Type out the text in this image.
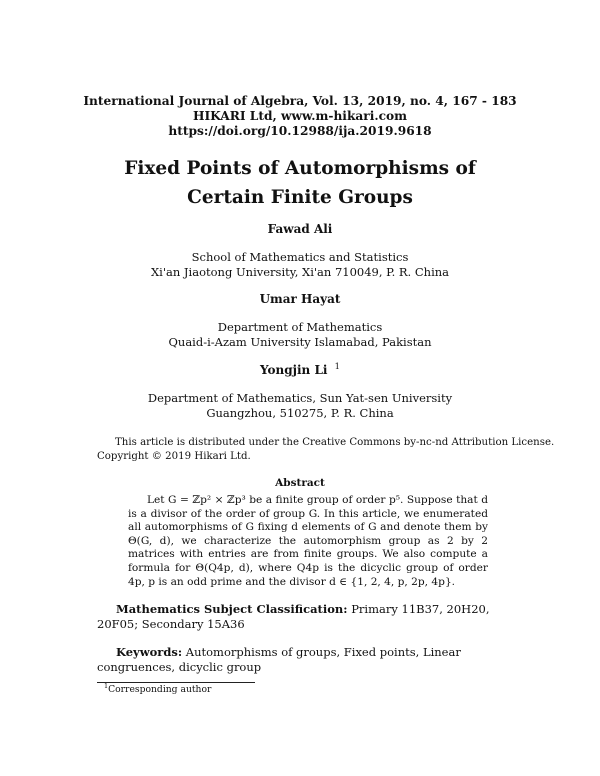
International Journal of Algebra, Vol. 13, 2019, no. 4, 167 - 183
HIKARI Ltd, www.m-hikari.com
https://doi.org/10.12988/ija.2019.9618
Fixed Points of Automorphisms of
Certain Finite Groups
Fawad Ali
School of Mathematics and Statistics
Xi'an Jiaotong University, Xi'an 710049, P. R. China
Umar Hayat
Department of Mathematics
Quaid-i-Azam University Islamabad, Pakistan
Yongjin Li $^1$
Department of Mathematics, Sun Yat-sen University
Guangzhou, 510275, P. R. China
This article is distributed under the Creative Commons by-nc-nd Attribution License.
Copyright © 2019 Hikari Ltd.
Abstract
Let G = ℤp² × ℤp³ be a finite group of order p⁵. Suppose that d is a divisor of the order of group G. In this article, we enumerated all automorphisms of G fixing d elements of G and denote them by Θ(G, d), we characterize the automorphism group as 2 by 2 matrices with entries are from finite groups. We also compute a formula for Θ(Q4p, d), where Q4p is the dicyclic group of order 4p, p is an odd prime and the divisor d ∈ {1, 2, 4, p, 2p, 4p}.
Mathematics Subject Classification: Primary 11B37, 20H20, 20F05; Secondary 15A36
Keywords: Automorphisms of groups, Fixed points, Linear congruences, dicyclic group
$^1$Corresponding author
